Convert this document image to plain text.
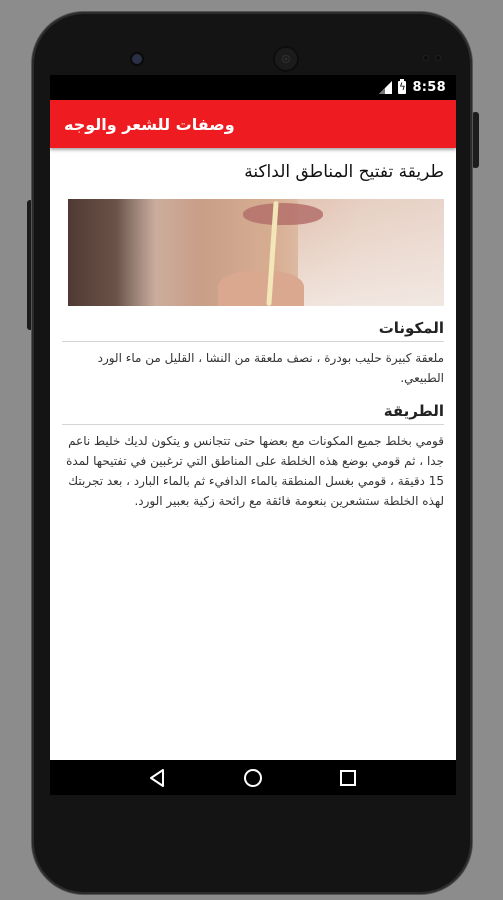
ϟ
8:58
وصفات للشعر والوجه
طريقة تفتيح المناطق الداكنة
المكونات

ملعقة كبيرة حليب بودرة ، نصف ملعقة من النشا ، القليل من ماء الورد الطبيعي.

الطريقة

قومي بخلط جميع المكونات مع بعضها حتى تتجانس و يتكون لديك خليط ناعم جدا ، ثم قومي بوضع هذه الخلطة على المناطق التي ترغبين في تفتيحها لمدة 15 دقيقة ، قومي بغسل المنطقة بالماء الدافيء ثم بالماء البارد ، بعد تجربتك لهذه الخلطة ستشعرين بنعومة فائقة مع رائحة زكية بعبير الورد.
